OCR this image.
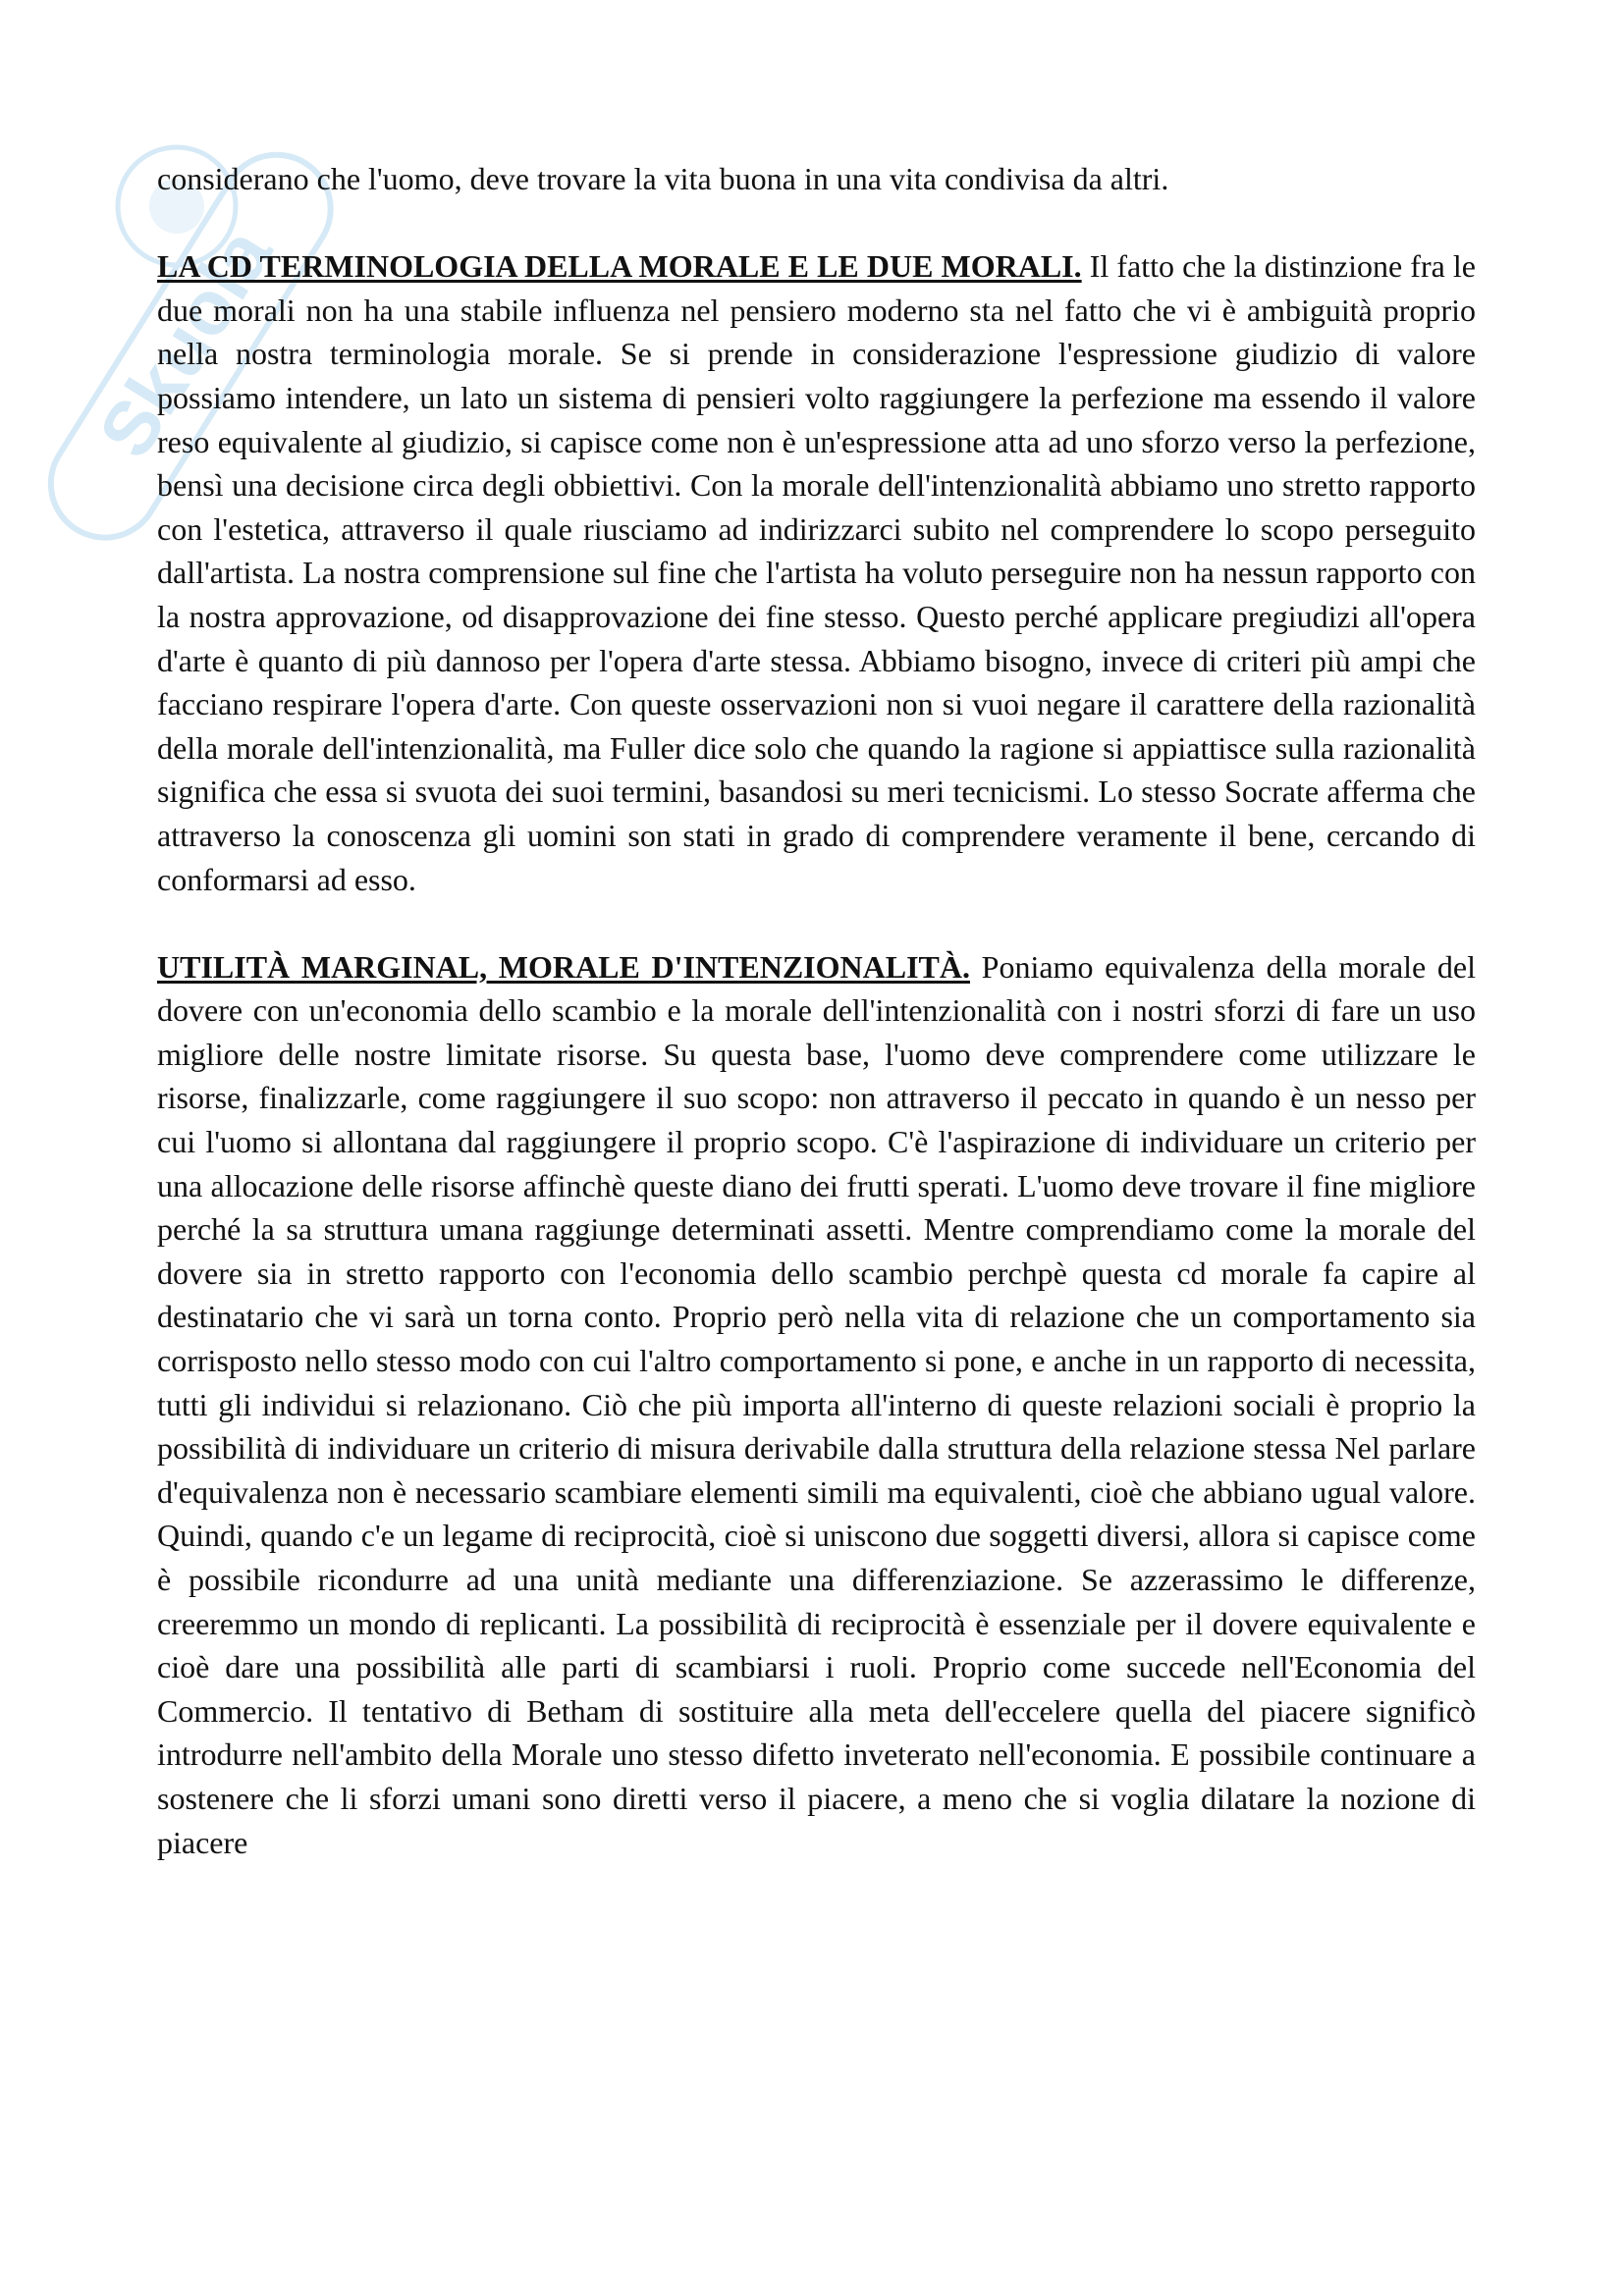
Skuola

considerano che l'uomo, deve trovare la vita buona in una vita condivisa da altri.

LA CD TERMINOLOGIA DELLA MORALE E LE DUE MORALI. Il fatto che la distinzione fra le due morali non ha una stabile influenza nel pensiero moderno sta nel fatto che vi è ambiguità proprio nella nostra terminologia morale. Se si prende in considerazione l'espressione giudizio di valore possiamo intendere, un lato un sistema di pensieri volto raggiungere la perfezione ma essendo il valore reso equivalente al giudizio, si capisce come non è un'espressione atta ad uno sforzo verso la perfezione, bensì una decisione circa degli obbiettivi. Con la morale dell'intenzionalità abbiamo uno stretto rapporto con l'estetica, attraverso il quale riusciamo ad indirizzarci subito nel comprendere lo scopo perseguito dall'artista. La nostra comprensione sul fine che l'artista ha voluto perseguire non ha nessun rapporto con la nostra approvazione, od disapprovazione dei fine stesso. Questo perché applicare pregiudizi all'opera d'arte è quanto di più dannoso per l'opera d'arte stessa. Abbiamo bisogno, invece di criteri più ampi che facciano respirare l'opera d'arte. Con queste osservazioni non si vuoi negare il carattere della razionalità della morale dell'intenzionalità, ma Fuller dice solo che quando la ragione si appiattisce sulla razionalità significa che essa si svuota dei suoi termini, basandosi su meri tecnicismi. Lo stesso Socrate afferma che attraverso la conoscenza gli uomini son stati in grado di comprendere veramente il bene, cercando di conformarsi ad esso.

UTILITÀ MARGINAL, MORALE D'INTENZIONALITÀ. Poniamo equivalenza della morale del dovere con un'economia dello scambio e la morale dell'intenzionalità con i nostri sforzi di fare un uso migliore delle nostre limitate risorse. Su questa base, l'uomo deve comprendere come utilizzare le risorse, finalizzarle, come raggiungere il suo scopo: non attraverso il peccato in quando è un nesso per cui l'uomo si allontana dal raggiungere il proprio scopo. C'è l'aspirazione di individuare un criterio per una allocazione delle risorse affinchè queste diano dei frutti sperati. L'uomo deve trovare il fine migliore perché la sa struttura umana raggiunge determinati assetti. Mentre comprendiamo come la morale del dovere sia in stretto rapporto con l'economia dello scambio perchpè questa cd morale fa capire al destinatario che vi sarà un torna conto. Proprio però nella vita di relazione che un comportamento sia corrisposto nello stesso modo con cui l'altro comportamento si pone, e anche in un rapporto di necessita, tutti gli individui si relazionano. Ciò che più importa all'interno di queste relazioni sociali è proprio la possibilità di individuare un criterio di misura derivabile dalla struttura della relazione stessa Nel parlare d'equivalenza non è necessario scambiare elementi simili ma equivalenti, cioè che abbiano ugual valore. Quindi, quando c'e un legame di reciprocità, cioè si uniscono due soggetti diversi, allora si capisce come è possibile ricondurre ad una unità mediante una differenziazione. Se azzerassimo le differenze, creeremmo un mondo di replicanti. La possibilità di reciprocità è essenziale per il dovere equivalente e cioè dare una possibilità alle parti di scambiarsi i ruoli. Proprio come succede nell'Economia del Commercio. Il tentativo di Betham di sostituire alla meta dell'eccelere quella del piacere significò introdurre nell'ambito della Morale uno stesso difetto inveterato nell'economia. E possibile continuare a sostenere che li sforzi umani sono diretti verso il piacere, a meno che si voglia dilatare la nozione di piacere
